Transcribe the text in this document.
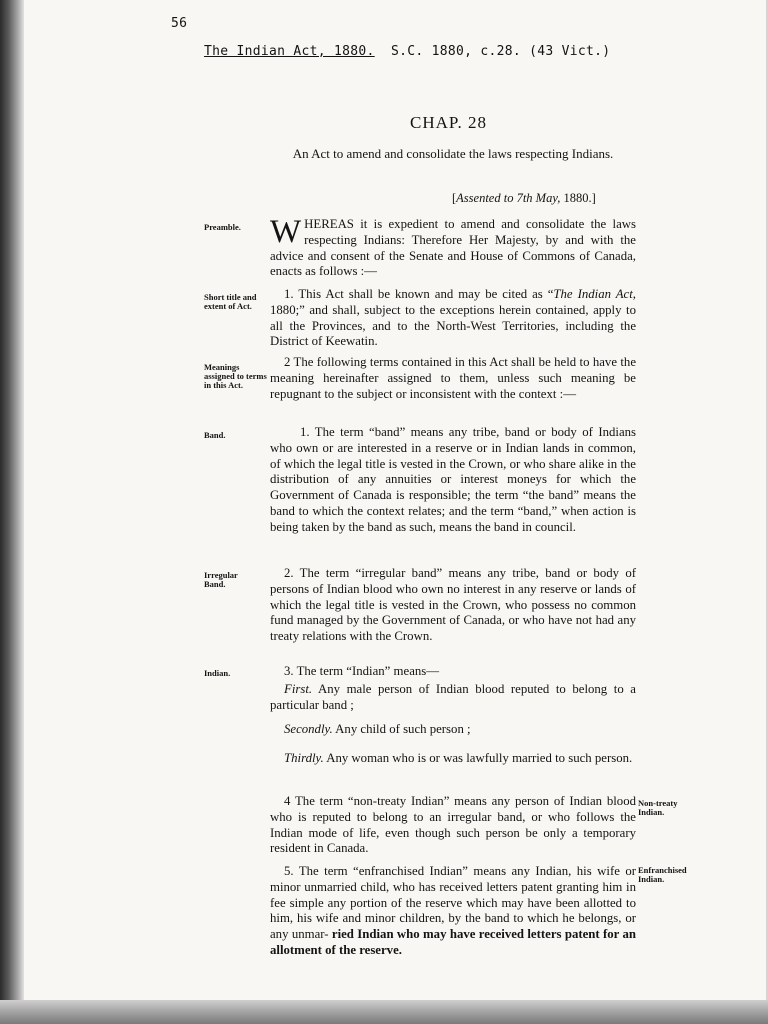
56
The Indian Act, 1880. S.C. 1880, c.28. (43 Vict.)
CHAP. 28
An Act to amend and consolidate the laws respecting Indians.
[Assented to 7th May, 1880.]
Preamble. WHEREAS it is expedient to amend and consolidate the laws respecting Indians: Therefore Her Majesty, by and with the advice and consent of the Senate and House of Commons of Canada, enacts as follows :—
Short title and extent of Act.
1. This Act shall be known and may be cited as “The Indian Act, 1880;” and shall, subject to the exceptions herein contained, apply to all the Provinces, and to the North-West Territories, including the District of Keewatin.
Meanings assigned to terms in this Act.
2 The following terms contained in this Act shall be held to have the meaning hereinafter assigned to them, unless such meaning be repugnant to the subject or inconsistent with the context :—
Band.	1. The term “band” means any tribe, band or body of Indians who own or are interested in a reserve or in Indian lands in common, of which the legal title is vested in the Crown, or who share alike in the distribution of any annuities or interest moneys for which the Government of Canada is responsible; the term “the band” means the band to which the context relates; and the term “band,” when action is being taken by the band as such, means the band in council.
Irregular Band.
2. The term “irregular band” means any tribe, band or body of persons of Indian blood who own no interest in any reserve or lands of which the legal title is vested in the Crown, who possess no common fund managed by the Government of Canada, or who have not had any treaty relations with the Crown.
Indian.	3. The term “Indian” means—
First. Any male person of Indian blood reputed to belong to a particular band ;
Secondly. Any child of such person ;
Thirdly. Any woman who is or was lawfully married to such person.
4 The term “non-treaty Indian” means any person of Indian blood who is reputed to belong to an irregular band, or who follows the Indian mode of life, even though such person be only a temporary resident in Canada.
Non-treaty Indian.
5. The term “enfranchised Indian” means any Indian, his wife or minor unmarried child, who has received letters patent granting him in fee simple any portion of the reserve which may have been allotted to him, his wife and minor children, by the band to which he belongs, or any unmar- ried Indian who may have received letters patent for an allotment of the reserve.
Enfranchised Indian.
